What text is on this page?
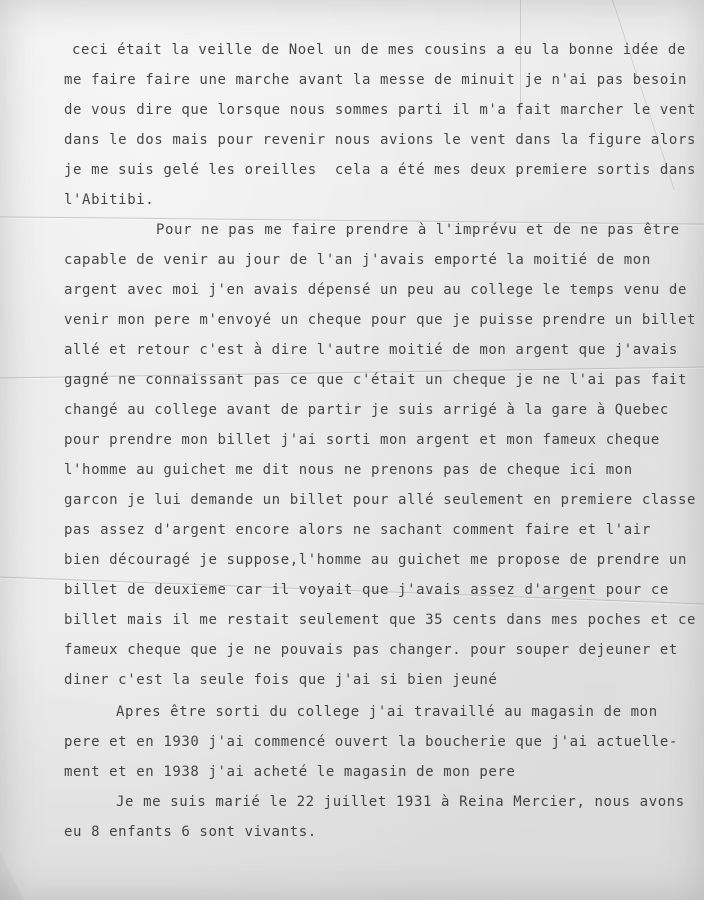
ceci était la veille de Noel un de mes cousins a eu la bonne idée de
me faire faire une marche avant la messe de minuit je n'ai pas besoin
de vous dire que lorsque nous sommes parti il m'a fait marcher le vent
dans le dos mais pour revenir nous avions le vent dans la figure alors
je me suis gelé les oreilles  cela a été mes deux premiere sortis dans
l'Abitibi.
Pour ne pas me faire prendre à l'imprévu et de ne pas être
capable de venir au jour de l'an j'avais emporté la moitié de mon
argent avec moi j'en avais dépensé un peu au college le temps venu de
venir mon pere m'envoyé un cheque pour que je puisse prendre un billet
allé et retour c'est à dire l'autre moitié de mon argent que j'avais
gagné ne connaissant pas ce que c'était un cheque je ne l'ai pas fait
changé au college avant de partir je suis arrigé à la gare à Quebec
pour prendre mon billet j'ai sorti mon argent et mon fameux cheque
l'homme au guichet me dit nous ne prenons pas de cheque ici mon
garcon je lui demande un billet pour allé seulement en premiere classe
pas assez d'argent encore alors ne sachant comment faire et l'air
bien découragé je suppose,l'homme au guichet me propose de prendre un
billet de deuxieme car il voyait que j'avais assez d'argent pour ce
billet mais il me restait seulement que 35 cents dans mes poches et ce
fameux cheque que je ne pouvais pas changer. pour souper dejeuner et
diner c'est la seule fois que j'ai si bien jeuné
Apres être sorti du college j'ai travaillé au magasin de mon
pere et en 1930 j'ai commencé ouvert la boucherie que j'ai actuelle-
ment et en 1938 j'ai acheté le magasin de mon pere
Je me suis marié le 22 juillet 1931 à Reina Mercier, nous avons
eu 8 enfants 6 sont vivants.
